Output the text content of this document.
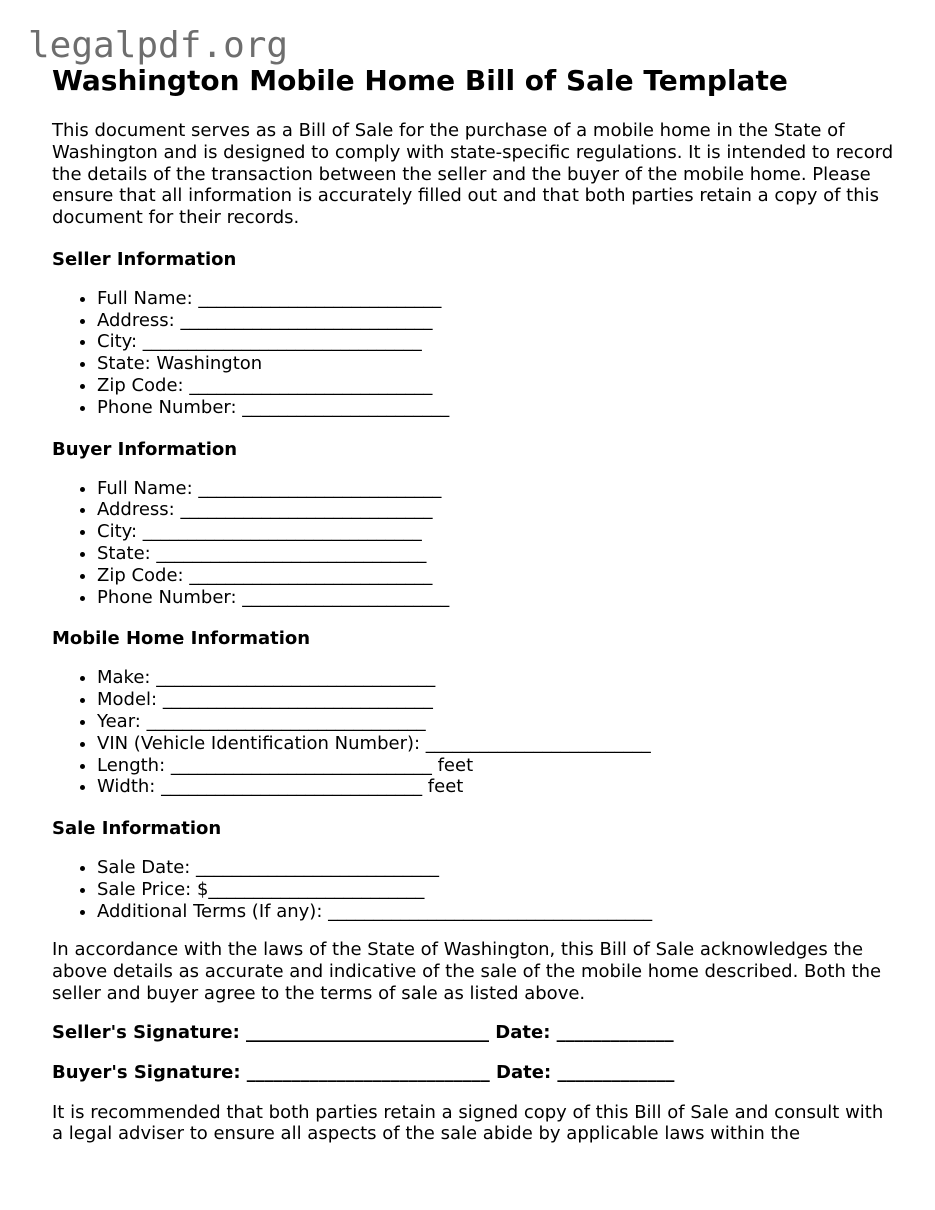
legalpdf.org
Washington Mobile Home Bill of Sale Template

This document serves as a Bill of Sale for the purchase of a mobile home in the State of Washington and is designed to comply with state-specific regulations. It is intended to record the details of the transaction between the seller and the buyer of the mobile home. Please ensure that all information is accurately filled out and that both parties retain a copy of this document for their records.

Seller Information
• Full Name: ___________________________
• Address: ____________________________
• City: _______________________________
• State: Washington
• Zip Code: ___________________________
• Phone Number: _______________________
Buyer Information
• Full Name: ___________________________
• Address: ____________________________
• City: _______________________________
• State: ______________________________
• Zip Code: ___________________________
• Phone Number: _______________________
Mobile Home Information
• Make: _______________________________
• Model: ______________________________
• Year: _______________________________
• VIN (Vehicle Identification Number): _________________________
• Length: _____________________________ feet
• Width: _____________________________ feet
Sale Information
• Sale Date: ___________________________
• Sale Price: $________________________
• Additional Terms (If any): ____________________________________

In accordance with the laws of the State of Washington, this Bill of Sale acknowledges the above details as accurate and indicative of the sale of the mobile home described. Both the seller and buyer agree to the terms of sale as listed above.

Seller's Signature: ___________________________ Date: _____________

Buyer's Signature: ___________________________ Date: _____________

It is recommended that both parties retain a signed copy of this Bill of Sale and consult with a legal adviser to ensure all aspects of the sale abide by applicable laws within the
